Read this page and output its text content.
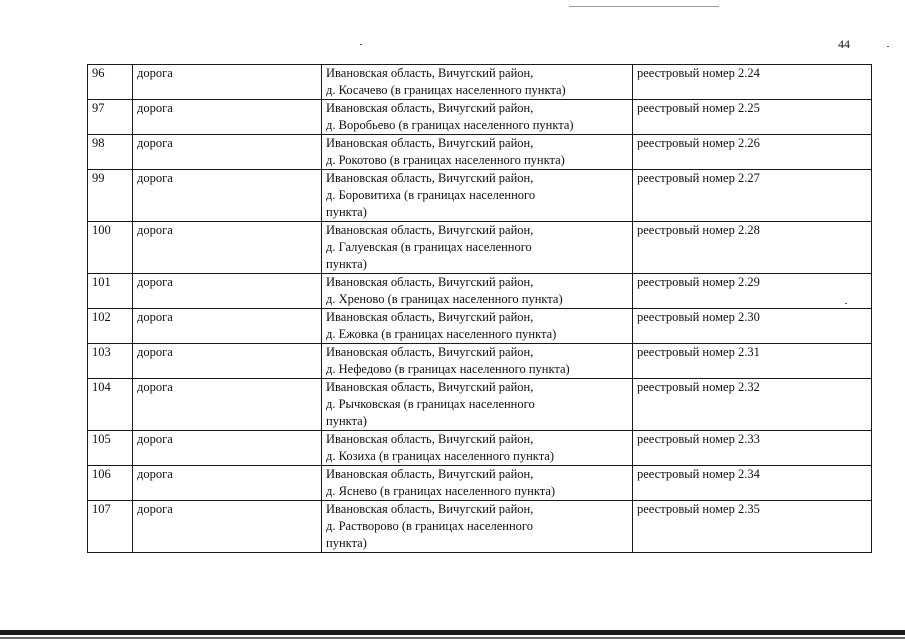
44
96	дорога	Ивановская область, Вичугский район,
д. Косачево (в границах населенного пункта)	реестровый номер 2.24
97	дорога	Ивановская область, Вичугский район,
д. Воробьево (в границах населенного пункта)	реестровый номер 2.25
98	дорога	Ивановская область, Вичугский район,
д. Рокотово (в границах населенного пункта)	реестровый номер 2.26
99	дорога	Ивановская область, Вичугский район,
д. Боровитиха (в границах населенного
пункта)	реестровый номер 2.27
100	дорога	Ивановская область, Вичугский район,
д. Галуевская (в границах населенного
пункта)	реестровый номер 2.28
101	дорога	Ивановская область, Вичугский район,
д. Хреново (в границах населенного пункта)	реестровый номер 2.29
102	дорога	Ивановская область, Вичугский район,
д. Ежовка (в границах населенного пункта)	реестровый номер 2.30
103	дорога	Ивановская область, Вичугский район,
д. Нефедово (в границах населенного пункта)	реестровый номер 2.31
104	дорога	Ивановская область, Вичугский район,
д. Рычковская (в границах населенного
пункта)	реестровый номер 2.32
105	дорога	Ивановская область, Вичугский район,
д. Козиха (в границах населенного пункта)	реестровый номер 2.33
106	дорога	Ивановская область, Вичугский район,
д. Ясневo (в границах населенного пункта)	реестровый номер 2.34
107	дорога	Ивановская область, Вичугский район,
д. Растворово (в границах населенного
пункта)	реестровый номер 2.35
